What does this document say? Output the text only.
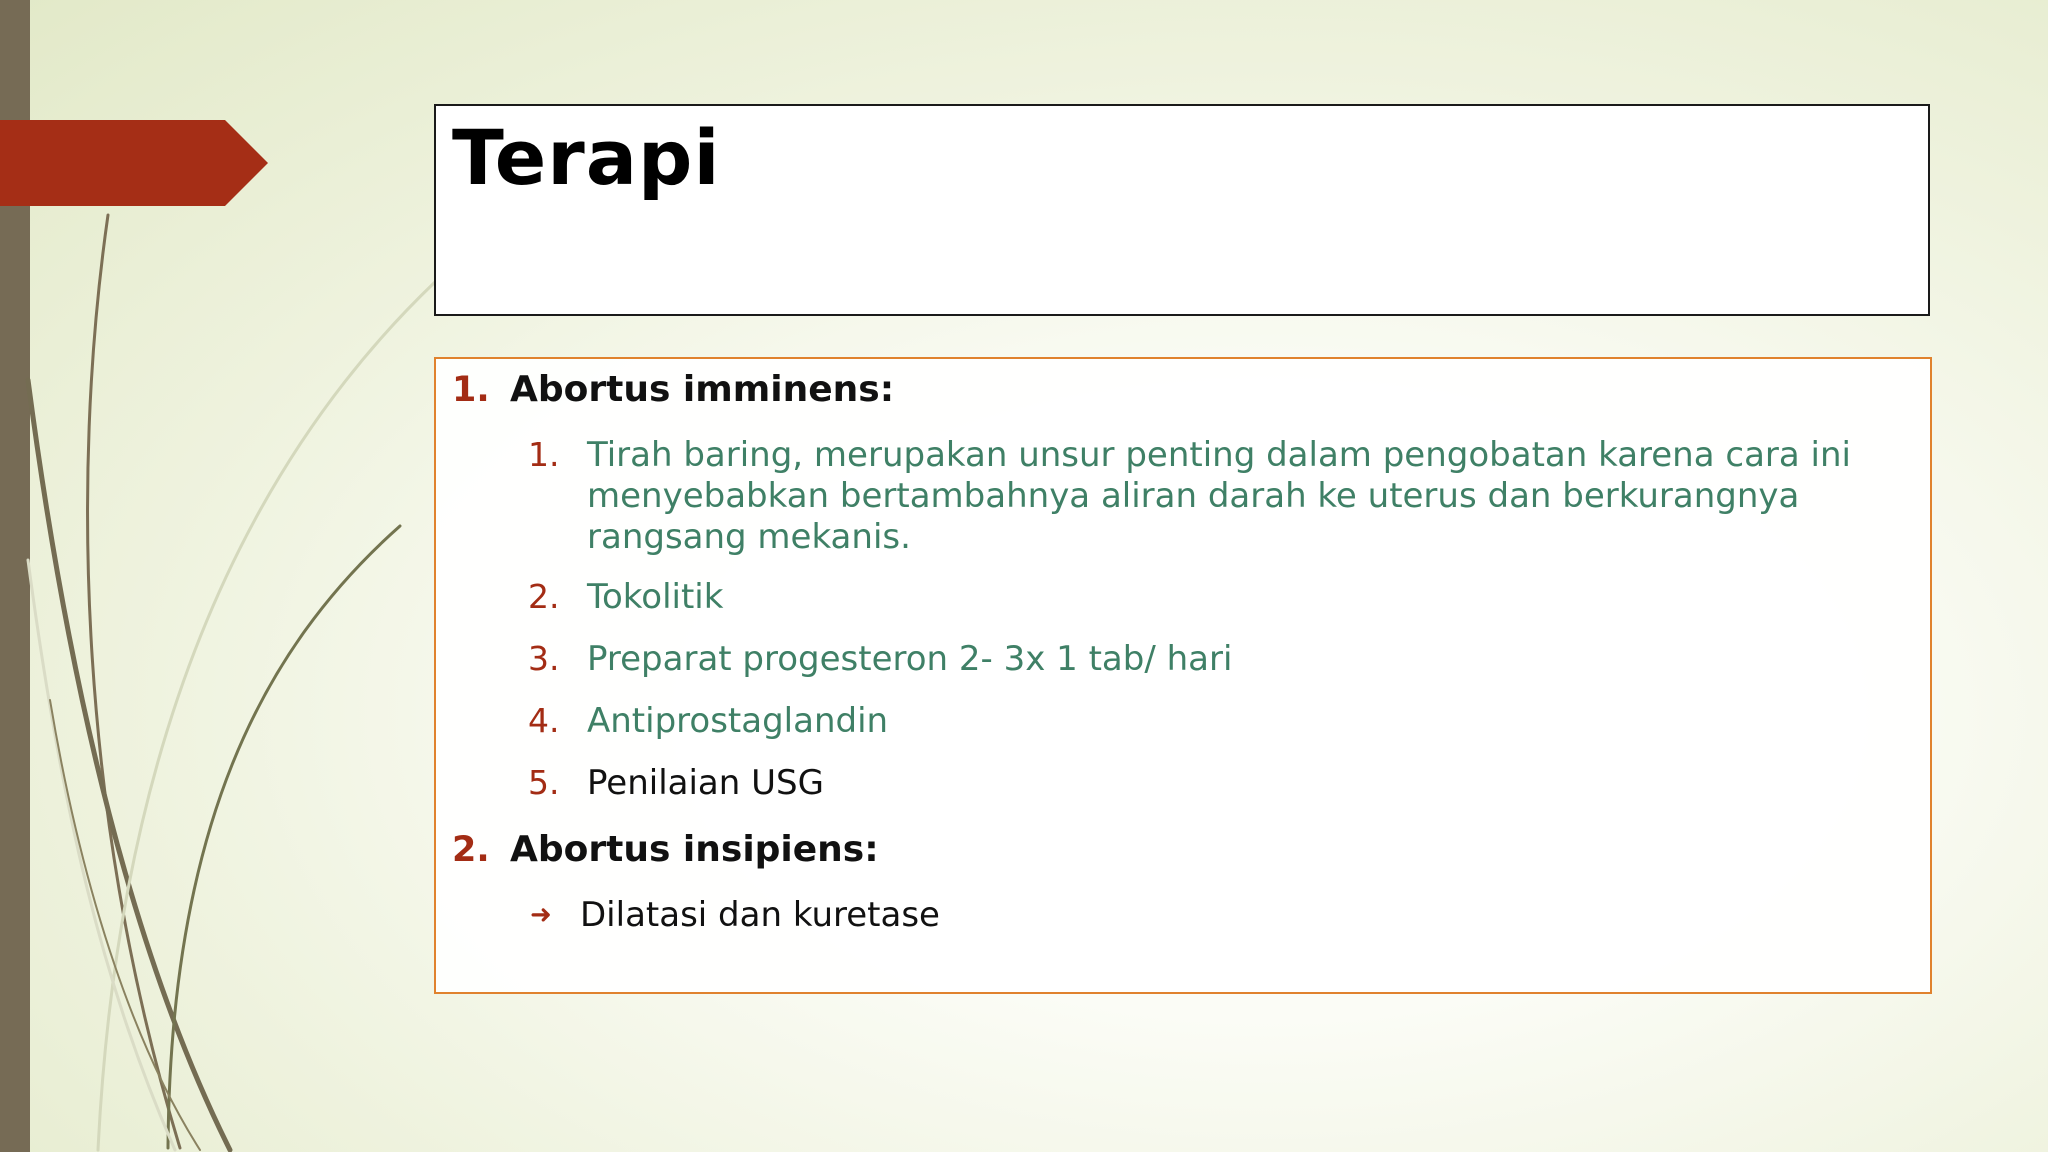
Terapi
1. Abortus imminens:
1. Tirah baring, merupakan unsur penting dalam pengobatan karena cara ini menyebabkan bertambahnya aliran darah ke uterus dan berkurangnya rangsang mekanis.
2. Tokolitik
3. Preparat progesteron 2- 3x 1 tab/ hari
4. Antiprostaglandin
5. Penilaian USG
2. Abortus insipiens:
➜ Dilatasi dan kuretase
